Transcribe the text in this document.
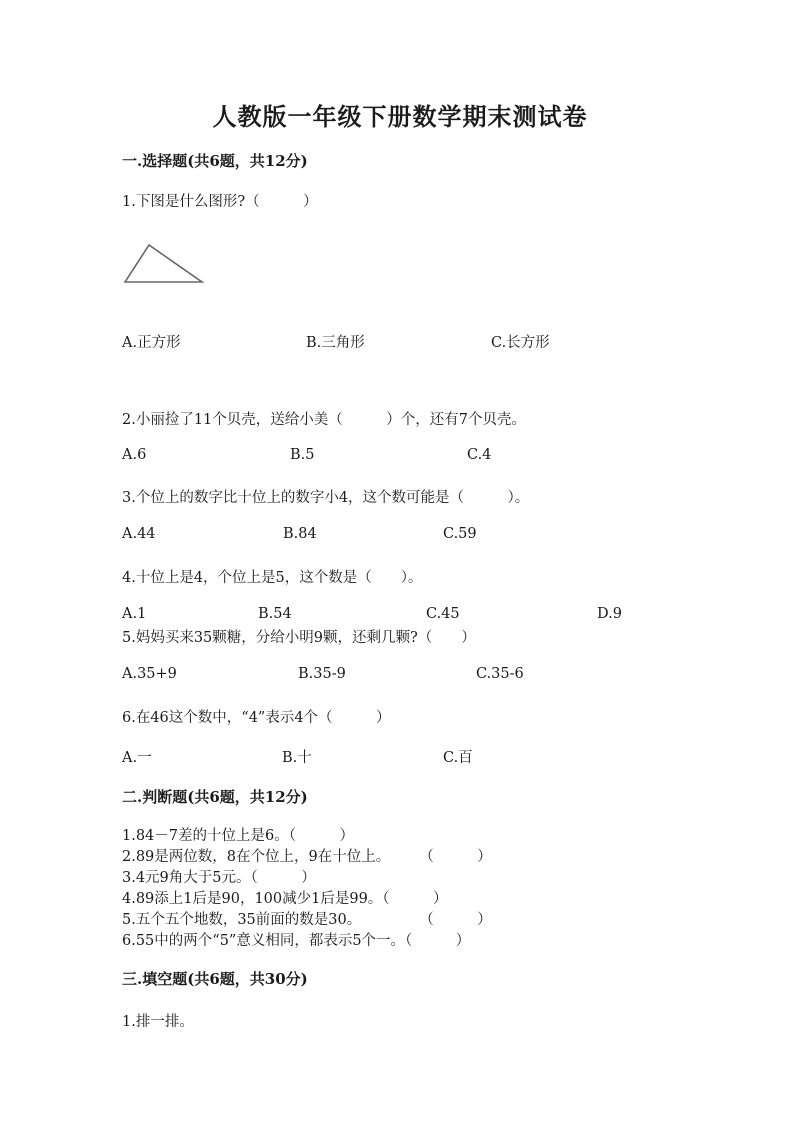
人教版一年级下册数学期末测试卷
一.选择题(共6题，共12分)
1.下图是什么图形?（　　　）
A.正方形	B.三角形	C.长方形
2.小丽捡了11个贝壳，送给小美（　　　）个，还有7个贝壳。
A.6	B.5	C.4
3.个位上的数字比十位上的数字小4，这个数可能是（　　　）。
A.44	B.84	C.59
4.十位上是4，个位上是5，这个数是（　　）。
A.1	B.54	C.45	D.9
5.妈妈买来35颗糖，分给小明9颗，还剩几颗?（　　）
A.35+9	B.35-9	C.35-6
6.在46这个数中，“4”表示4个（　　　）
A.一	B.十	C.百
二.判断题(共6题，共12分)
1.84－7差的十位上是6。（　　　）
2.89是两位数，8在个位上，9在十位上。　　　（　　　）
3.4元9角大于5元。（　　　）
4.89添上1后是90，100减少1后是99。（　　　）
5.五个五个地数，35前面的数是30。　　　　　（　　　）
6.55中的两个“5”意义相同，都表示5个一。（　　　）
三.填空题(共6题，共30分)
1.排一排。
